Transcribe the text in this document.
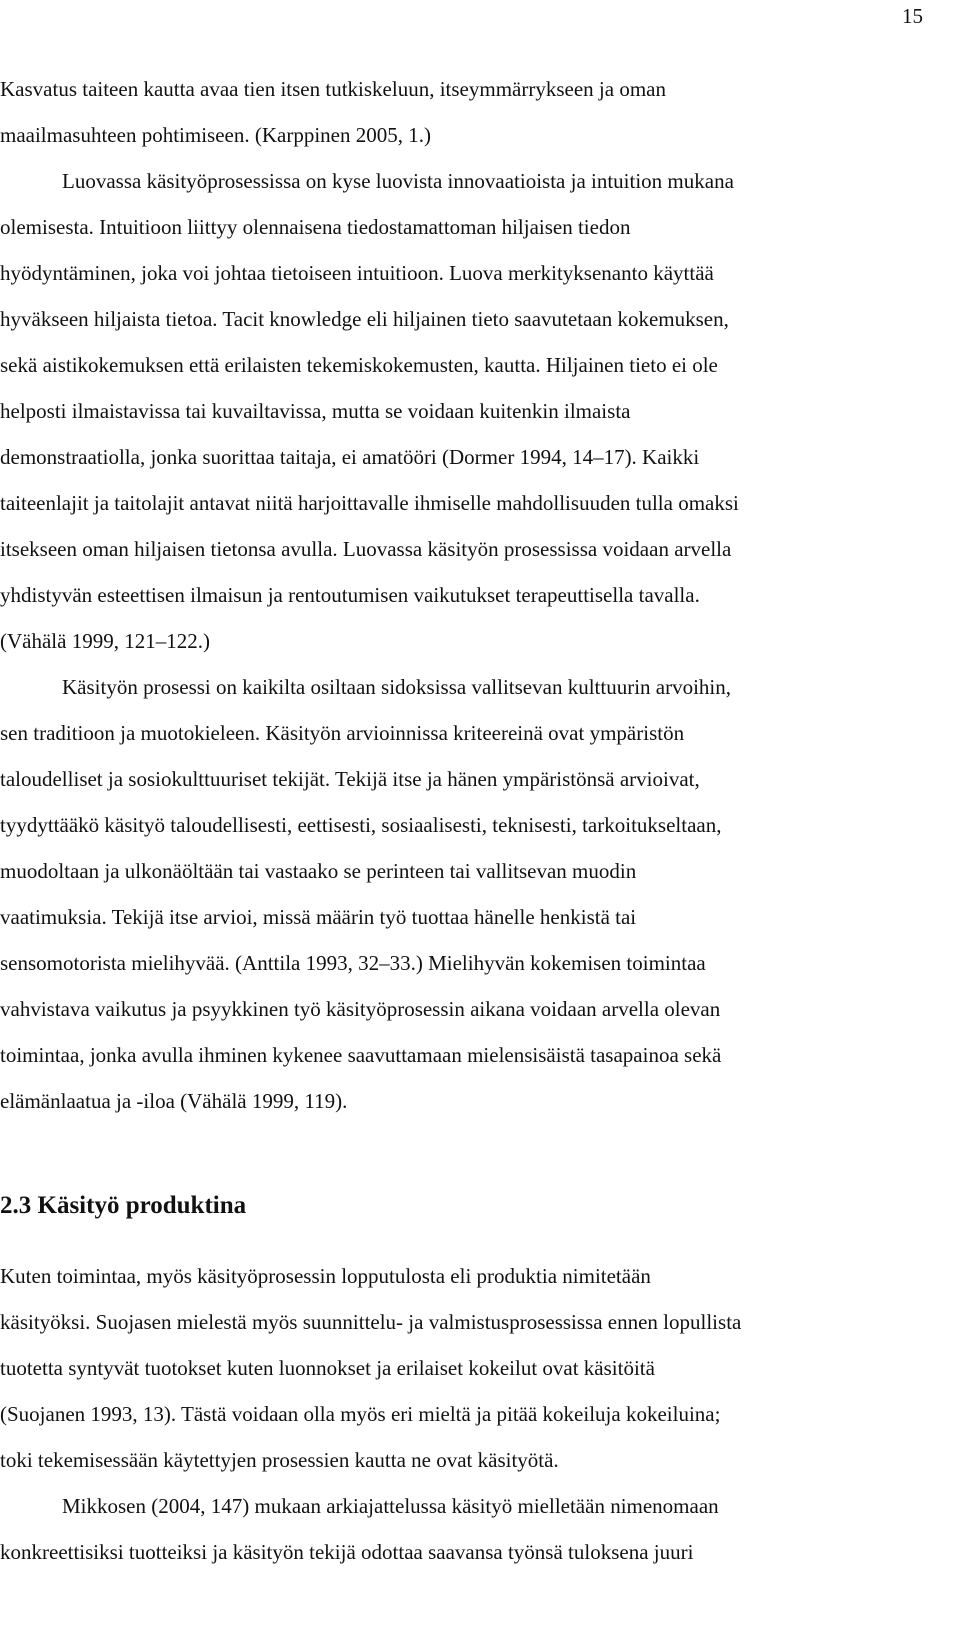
15

Kasvatus taiteen kautta avaa tien itsen tutkiskeluun, itseymmärrykseen ja oman

maailmasuhteen pohtimiseen. (Karppinen 2005, 1.)

Luovassa käsityöprosessissa on kyse luovista innovaatioista ja intuition mukana

olemisesta. Intuitioon liittyy olennaisena tiedostamattoman hiljaisen tiedon

hyödyntäminen, joka voi johtaa tietoiseen intuitioon. Luova merkityksenanto käyttää

hyväkseen hiljaista tietoa. Tacit knowledge eli hiljainen tieto saavutetaan kokemuksen,

sekä aistikokemuksen että erilaisten tekemiskokemusten, kautta. Hiljainen tieto ei ole

helposti ilmaistavissa tai kuvailtavissa, mutta se voidaan kuitenkin ilmaista

demonstraatiolla, jonka suorittaa taitaja, ei amatööri (Dormer 1994, 14–17). Kaikki

taiteenlajit ja taitolajit antavat niitä harjoittavalle ihmiselle mahdollisuuden tulla omaksi

itsekseen oman hiljaisen tietonsa avulla. Luovassa käsityön prosessissa voidaan arvella

yhdistyvän esteettisen ilmaisun ja rentoutumisen vaikutukset terapeuttisella tavalla.

(Vähälä 1999, 121–122.)

Käsityön prosessi on kaikilta osiltaan sidoksissa vallitsevan kulttuurin arvoihin,

sen traditioon ja muotokieleen. Käsityön arvioinnissa kriteereinä ovat ympäristön

taloudelliset ja sosiokulttuuriset tekijät. Tekijä itse ja hänen ympäristönsä arvioivat,

tyydyttääkö käsityö taloudellisesti, eettisesti, sosiaalisesti, teknisesti, tarkoitukseltaan,

muodoltaan ja ulkonäöltään tai vastaako se perinteen tai vallitsevan muodin

vaatimuksia. Tekijä itse arvioi, missä määrin työ tuottaa hänelle henkistä tai

sensomotorista mielihyvää. (Anttila 1993, 32–33.) Mielihyvän kokemisen toimintaa

vahvistava vaikutus ja psyykkinen työ käsityöprosessin aikana voidaan arvella olevan

toimintaa, jonka avulla ihminen kykenee saavuttamaan mielensisäistä tasapainoa sekä

elämänlaatua ja -iloa (Vähälä 1999, 119).

2.3 Käsityö produktina

Kuten toimintaa, myös käsityöprosessin lopputulosta eli produktia nimitetään

käsityöksi. Suojasen mielestä myös suunnittelu- ja valmistusprosessissa ennen lopullista

tuotetta syntyvät tuotokset kuten luonnokset ja erilaiset kokeilut ovat käsitöitä

(Suojanen 1993, 13). Tästä voidaan olla myös eri mieltä ja pitää kokeiluja kokeiluina;

toki tekemisessään käytettyjen prosessien kautta ne ovat käsityötä.

Mikkosen (2004, 147) mukaan arkiajattelussa käsityö mielletään nimenomaan

konkreettisiksi tuotteiksi ja käsityön tekijä odottaa saavansa työnsä tuloksena juuri
